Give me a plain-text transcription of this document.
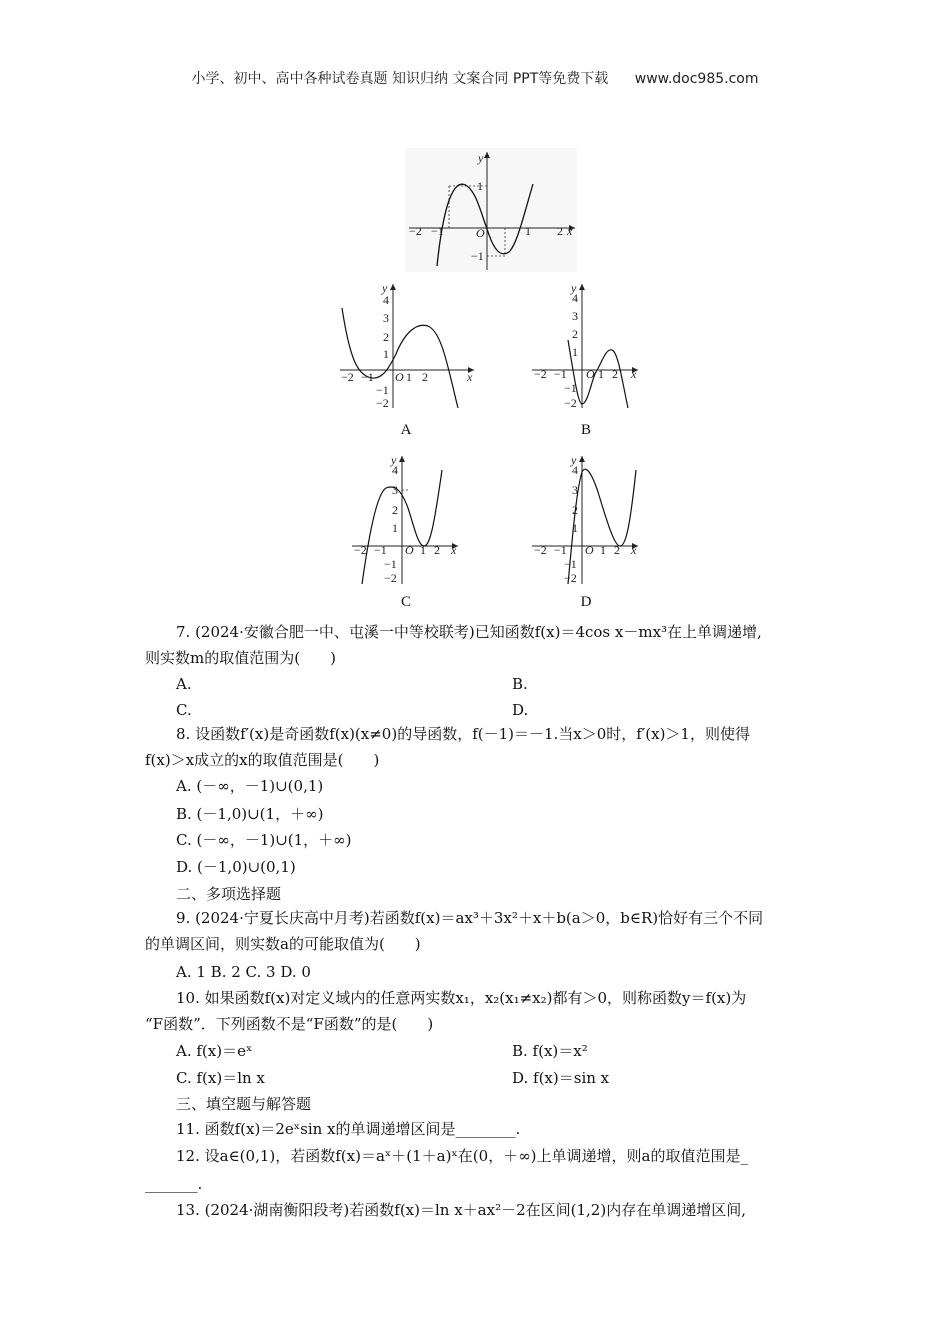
小学、初中、高中各种试卷真题 知识归纳 文案合同 PPT等免费下载 www.doc985.com
−2 −1	O	1 2 x
y
1
−1
−2 −1 O 1 2	x
y
4
3
2
1
−1
−2
A
−2 −1 O 1 2 x
y
4
3
2
1
−1
−2
B
−2 −1 O 1 2 x
y
4
3
2
1
−1
−2
C
−2 −1 O 1 2 x
y
4
3
2
1
−1
−2
D
7. (2024·安徽合肥一中、屯溪一中等校联考)已知函数f(x)＝4cos x－mx³在上单调递增,
则实数m的取值范围为(　　)
A.	B.
C.	D.
8. 设函数f′(x)是奇函数f(x)(x≠0)的导函数，f(－1)＝－1.当x＞0时，f′(x)＞1，则使得
f(x)＞x成立的x的取值范围是(　　)
A. (－∞，－1)∪(0,1)
B. (－1,0)∪(1，＋∞)
C. (－∞，－1)∪(1，＋∞)
D. (－1,0)∪(0,1)
二、多项选择题
9. (2024·宁夏长庆高中月考)若函数f(x)＝ax³＋3x²＋x＋b(a＞0，b∈R)恰好有三个不同
的单调区间，则实数a的可能取值为(　　)
A. 1 B. 2 C. 3 D. 0
10. 如果函数f(x)对定义域内的任意两实数x₁，x₂(x₁≠x₂)都有＞0，则称函数y＝f(x)为
“F函数”．下列函数不是“F函数”的是(　　)
A. f(x)＝eˣ	B. f(x)＝x²
C. f(x)＝ln x	D. f(x)＝sin x
三、填空题与解答题
11. 函数f(x)＝2eˣsin x的单调递增区间是________.
12. 设a∈(0,1)，若函数f(x)＝aˣ＋(1＋a)ˣ在(0，＋∞)上单调递增，则a的取值范围是_
_______.
13. (2024·湖南衡阳段考)若函数f(x)＝ln x＋ax²－2在区间(1,2)内存在单调递增区间,
